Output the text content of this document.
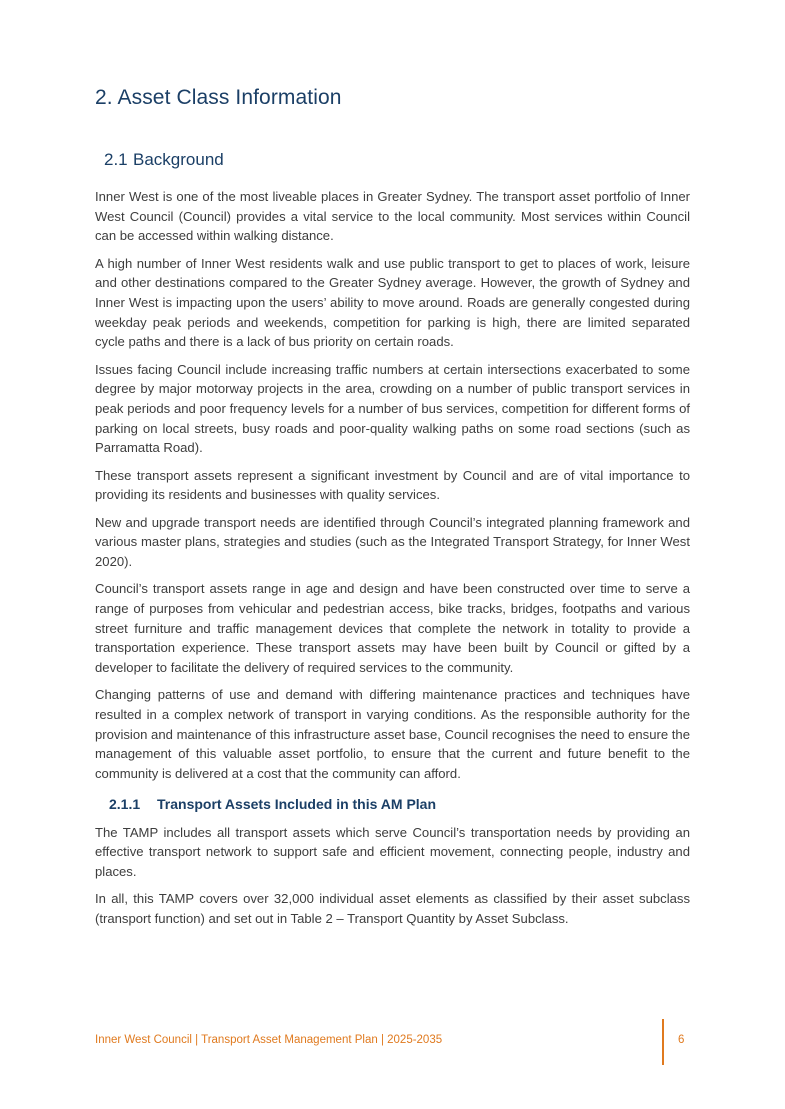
2. Asset Class Information
2.1 Background

Inner West is one of the most liveable places in Greater Sydney. The transport asset portfolio of Inner West Council (Council) provides a vital service to the local community. Most services within Council can be accessed within walking distance.

A high number of Inner West residents walk and use public transport to get to places of work, leisure and other destinations compared to the Greater Sydney average. However, the growth of Sydney and Inner West is impacting upon the users’ ability to move around. Roads are generally congested during weekday peak periods and weekends, competition for parking is high, there are limited separated cycle paths and there is a lack of bus priority on certain roads.

Issues facing Council include increasing traffic numbers at certain intersections exacerbated to some degree by major motorway projects in the area, crowding on a number of public transport services in peak periods and poor frequency levels for a number of bus services, competition for different forms of parking on local streets, busy roads and poor-quality walking paths on some road sections (such as Parramatta Road).

These transport assets represent a significant investment by Council and are of vital importance to providing its residents and businesses with quality services.

New and upgrade transport needs are identified through Council’s integrated planning framework and various master plans, strategies and studies (such as the Integrated Transport Strategy, for Inner West 2020).

Council’s transport assets range in age and design and have been constructed over time to serve a range of purposes from vehicular and pedestrian access, bike tracks, bridges, footpaths and various street furniture and traffic management devices that complete the network in totality to provide a transportation experience. These transport assets may have been built by Council or gifted by a developer to facilitate the delivery of required services to the community.

Changing patterns of use and demand with differing maintenance practices and techniques have resulted in a complex network of transport in varying conditions. As the responsible authority for the provision and maintenance of this infrastructure asset base, Council recognises the need to ensure the management of this valuable asset portfolio, to ensure that the current and future benefit to the community is delivered at a cost that the community can afford.

2.1.1 Transport Assets Included in this AM Plan

The TAMP includes all transport assets which serve Council’s transportation needs by providing an effective transport network to support safe and efficient movement, connecting people, industry and places.

In all, this TAMP covers over 32,000 individual asset elements as classified by their asset subclass (transport function) and set out in Table 2 – Transport Quantity by Asset Subclass.

Inner West Council | Transport Asset Management Plan | 2025-2035	6
